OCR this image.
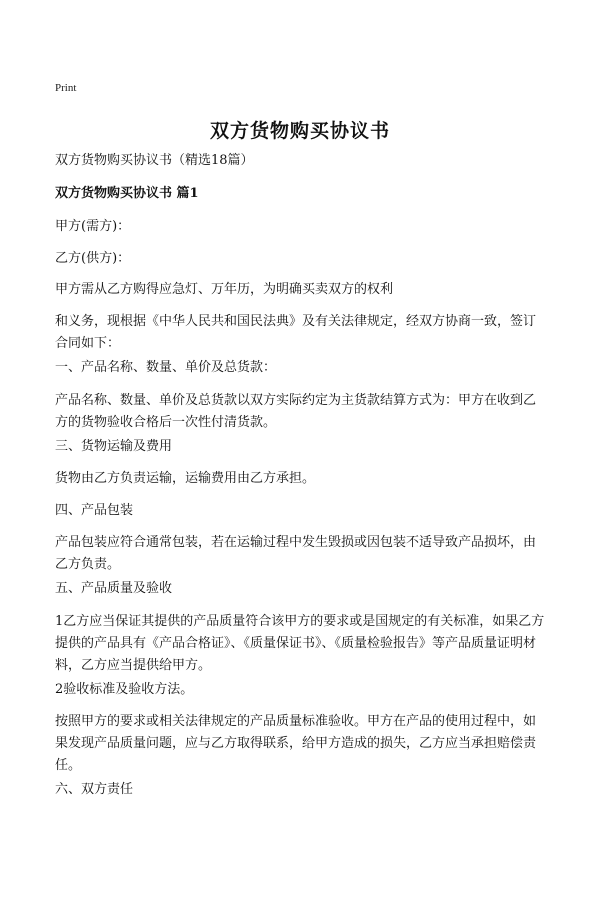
Print
双方货物购买协议书

双方货物购买协议书（精选18篇）

双方货物购买协议书 篇1

甲方(需方)：

乙方(供方)：

甲方需从乙方购得应急灯、万年历，为明确买卖双方的权利

和义务，现根据《中华人民共和国民法典》及有关法律规定，经双方协商一致，签订合同如下：

一、产品名称、数量、单价及总货款：

产品名称、数量、单价及总货款以双方实际约定为主货款结算方式为：甲方在收到乙方的货物验收合格后一次性付清货款。

三、货物运输及费用

货物由乙方负责运输，运输费用由乙方承担。

四、产品包装

产品包装应符合通常包装，若在运输过程中发生毁损或因包装不适导致产品损坏，由乙方负责。

五、产品质量及验收

1乙方应当保证其提供的产品质量符合该甲方的要求或是国规定的有关标准，如果乙方提供的产品具有《产品合格证》、《质量保证书》、《质量检验报告》等产品质量证明材料，乙方应当提供给甲方。

2验收标准及验收方法。

按照甲方的要求或相关法律规定的产品质量标准验收。甲方在产品的使用过程中，如果发现产品质量问题，应与乙方取得联系，给甲方造成的损失，乙方应当承担赔偿责任。

六、双方责任
